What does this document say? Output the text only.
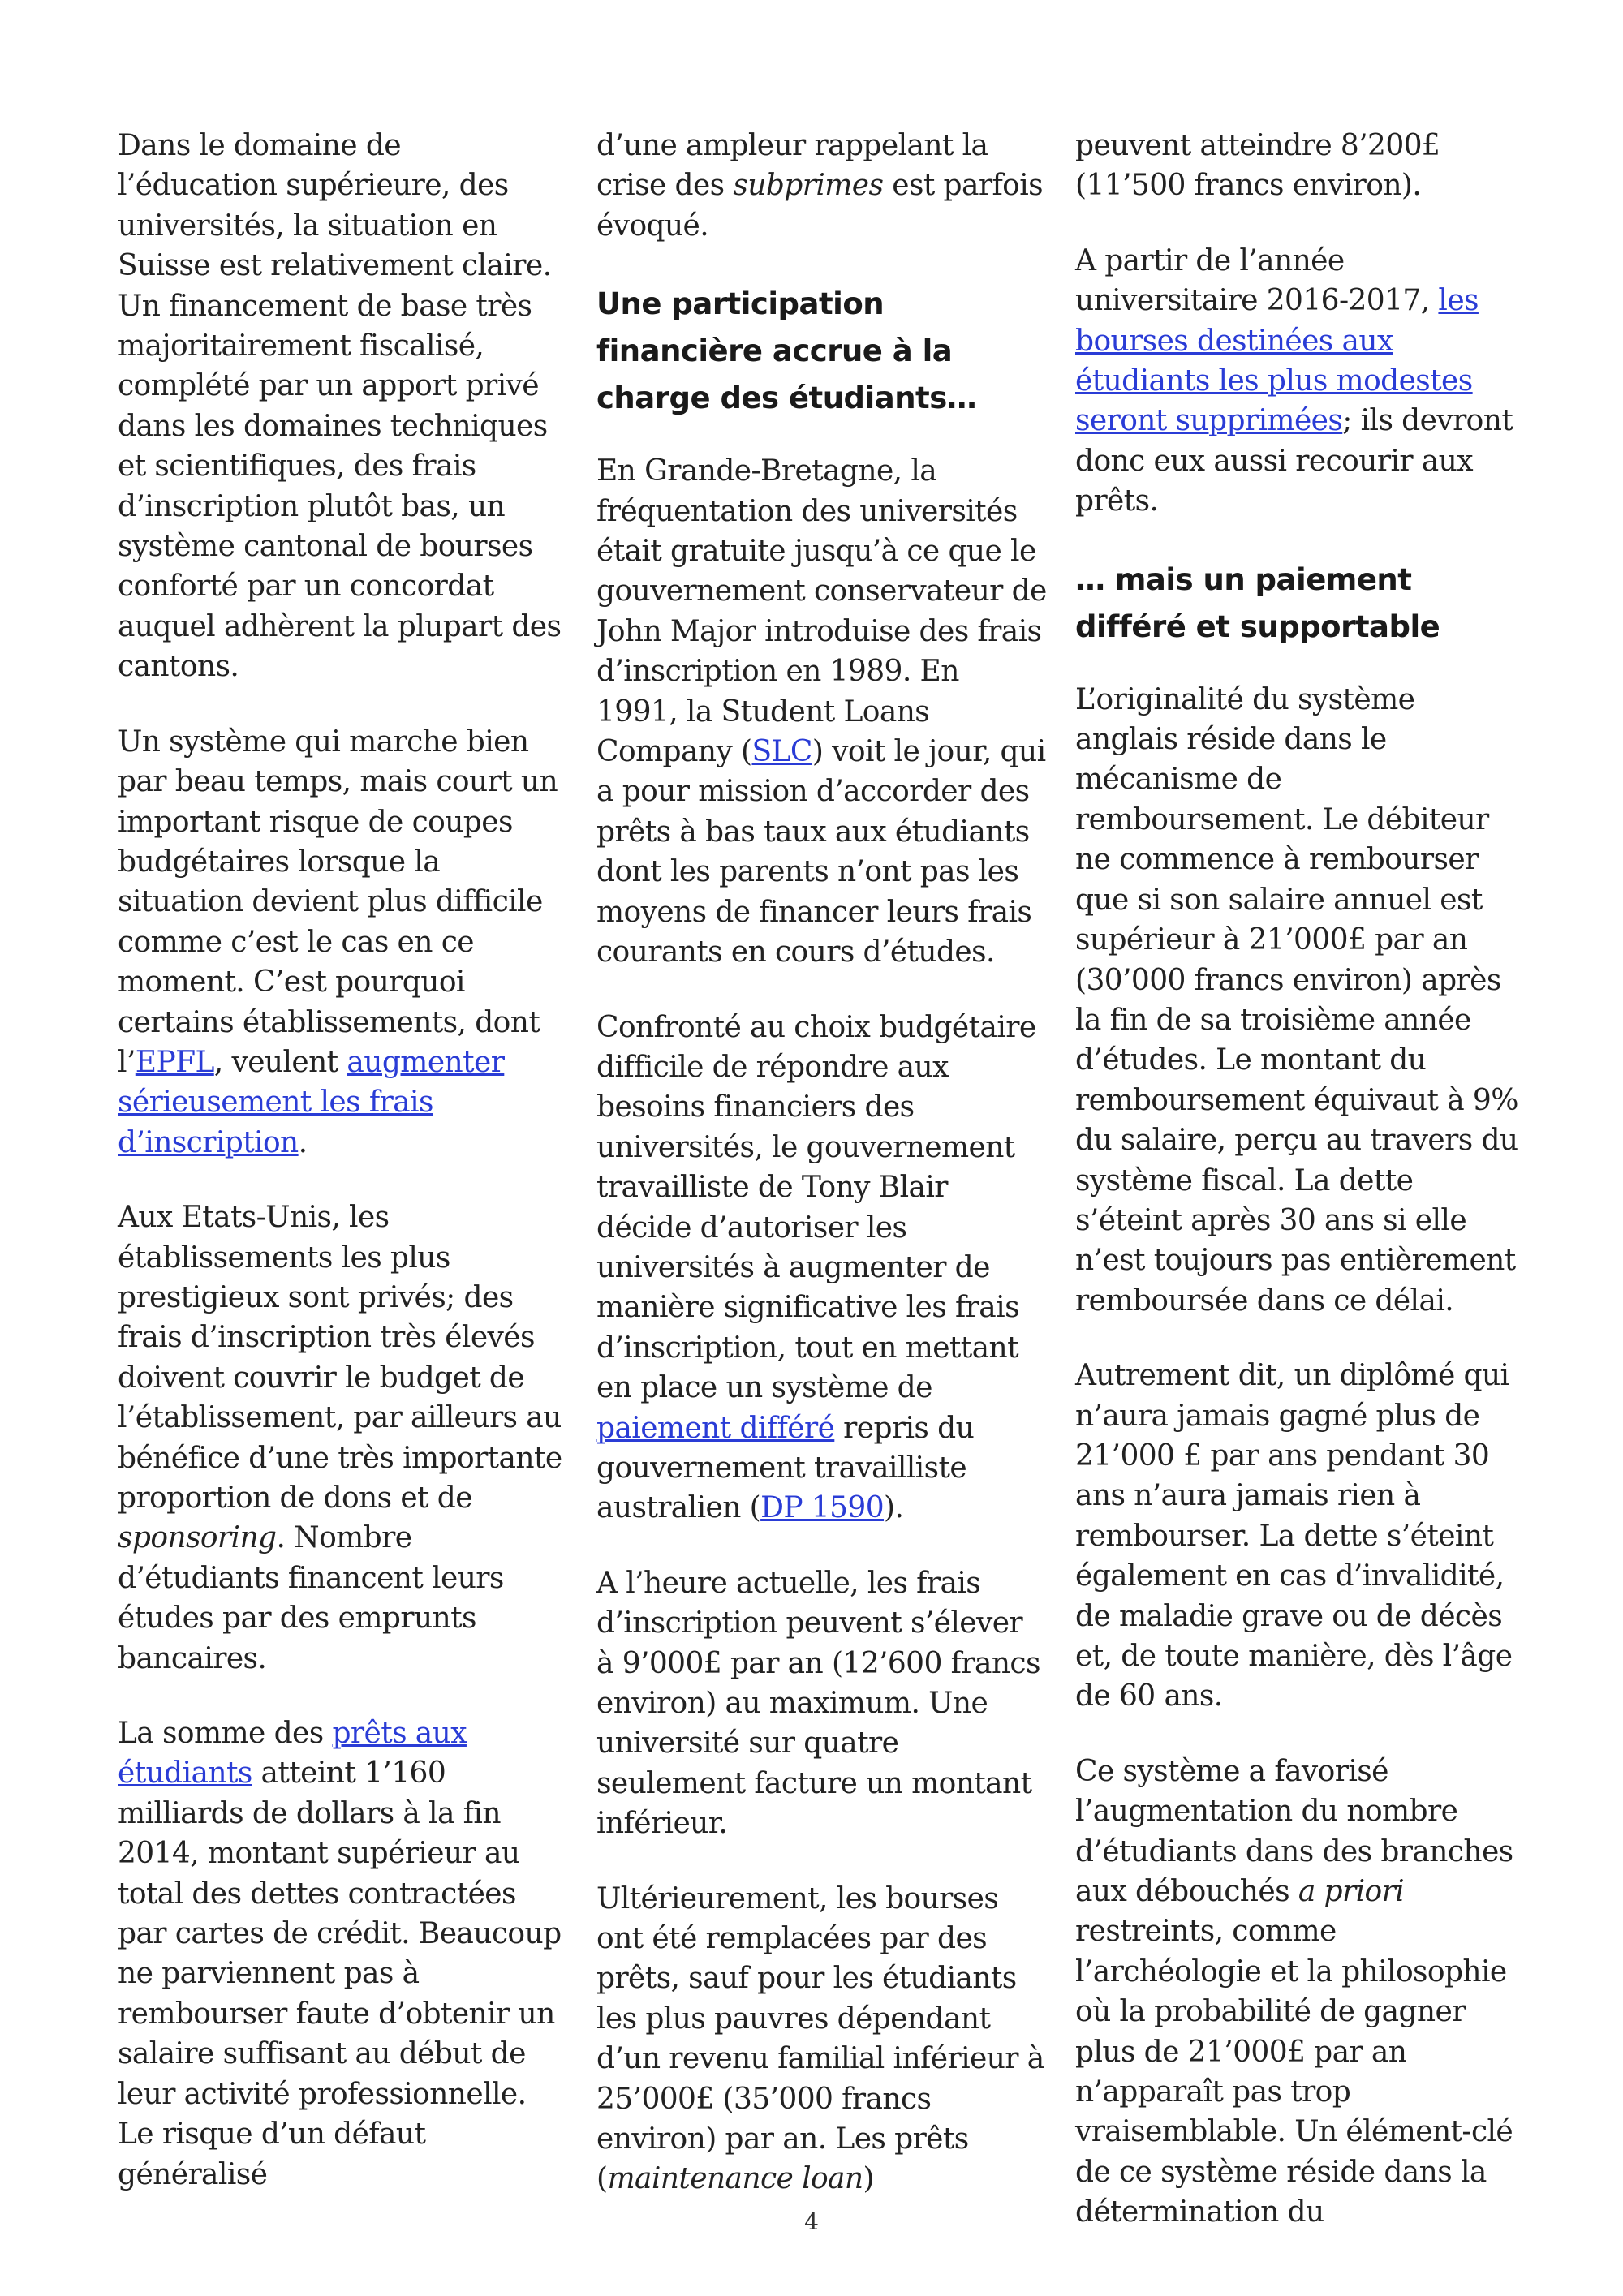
Dans le domaine de l’éducation supérieure, des universités, la situation en Suisse est relativement claire. Un financement de base très majoritairement fiscalisé, complété par un apport privé dans les domaines techniques et scientifiques, des frais d’inscription plutôt bas, un système cantonal de bourses conforté par un concordat auquel adhèrent la plupart des cantons.

Un système qui marche bien par beau temps, mais court un important risque de coupes budgétaires lorsque la situation devient plus difficile comme c’est le cas en ce moment. C’est pourquoi certains établissements, dont l’EPFL, veulent augmenter sérieusement les frais d’inscription.

Aux Etats-Unis, les établissements les plus prestigieux sont privés; des frais d’inscription très élevés doivent couvrir le budget de l’établissement, par ailleurs au bénéfice d’une très importante proportion de dons et de sponsoring. Nombre d’étudiants financent leurs études par des emprunts bancaires.

La somme des prêts aux étudiants atteint 1’160 milliards de dollars à la fin 2014, montant supérieur au total des dettes contractées par cartes de crédit. Beaucoup ne parviennent pas à rembourser faute d’obtenir un salaire suffisant au début de leur activité professionnelle. Le risque d’un défaut généralisé

d’une ampleur rappelant la crise des subprimes est parfois évoqué.

Une participation financière accrue à la charge des étudiants…

En Grande-Bretagne, la fréquentation des universités était gratuite jusqu’à ce que le gouvernement conservateur de John Major introduise des frais d’inscription en 1989. En 1991, la Student Loans Company (SLC) voit le jour, qui a pour mission d’accorder des prêts à bas taux aux étudiants dont les parents n’ont pas les moyens de financer leurs frais courants en cours d’études.

Confronté au choix budgétaire difficile de répondre aux besoins financiers des universités, le gouvernement travailliste de Tony Blair décide d’autoriser les universités à augmenter de manière significative les frais d’inscription, tout en mettant en place un système de paiement différé repris du gouvernement travailliste australien (DP 1590).

A l’heure actuelle, les frais d’inscription peuvent s’élever à 9’000£ par an (12’600 francs environ) au maximum. Une université sur quatre seulement facture un montant inférieur.

Ultérieurement, les bourses ont été remplacées par des prêts, sauf pour les étudiants les plus pauvres dépendant d’un revenu familial inférieur à 25’000£ (35’000 francs environ) par an. Les prêts (maintenance loan)

peuvent atteindre 8’200£ (11’500 francs environ).

A partir de l’année universitaire 2016-2017, les bourses destinées aux étudiants les plus modestes seront supprimées; ils devront donc eux aussi recourir aux prêts.

… mais un paiement différé et supportable

L’originalité du système anglais réside dans le mécanisme de remboursement. Le débiteur ne commence à rembourser que si son salaire annuel est supérieur à 21’000£ par an (30’000 francs environ) après la fin de sa troisième année d’études. Le montant du remboursement équivaut à 9% du salaire, perçu au travers du système fiscal. La dette s’éteint après 30 ans si elle n’est toujours pas entièrement remboursée dans ce délai.

Autrement dit, un diplômé qui n’aura jamais gagné plus de 21’000 £ par ans pendant 30 ans n’aura jamais rien à rembourser. La dette s’éteint également en cas d’invalidité, de maladie grave ou de décès et, de toute manière, dès l’âge de 60 ans.

Ce système a favorisé l’augmentation du nombre d’étudiants dans des branches aux débouchés a priori restreints, comme l’archéologie et la philosophie où la probabilité de gagner plus de 21’000£ par an n’apparaît pas trop vraisemblable. Un élément-clé de ce système réside dans la détermination du

4
